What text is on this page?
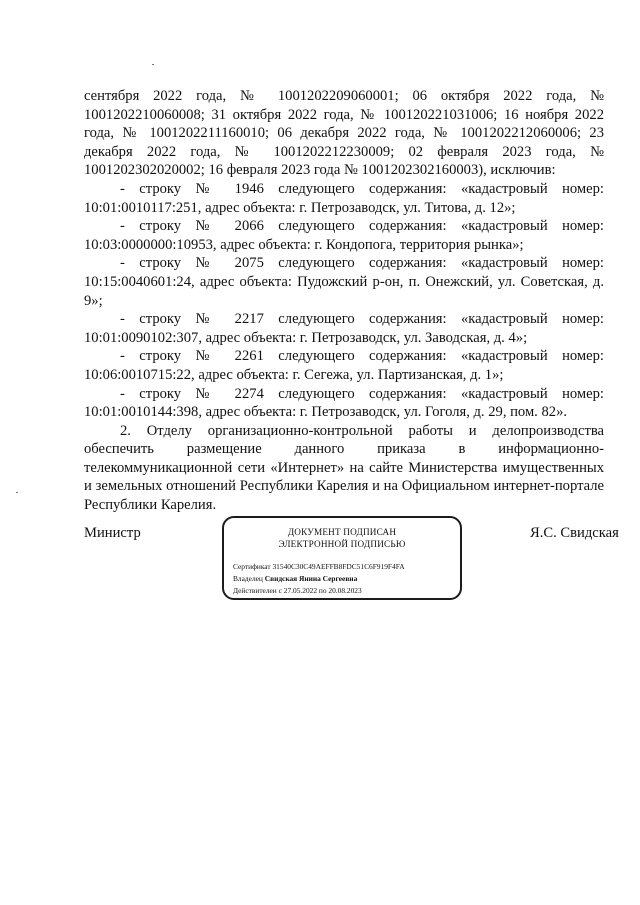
сентября 2022 года, № 1001202209060001; 06 октября 2022 года, № 1001202210060008; 31 октября 2022 года, № 100120221031006; 16 ноября 2022 года, № 1001202211160010; 06 декабря 2022 года, № 1001202212060006; 23 декабря 2022 года, № 1001202212230009; 02 февраля 2023 года, № 1001202302020002; 16 февраля 2023 года № 1001202302160003), исключив:

- строку № 1946 следующего содержания: «кадастровый номер: 10:01:0010117:251, адрес объекта: г. Петрозаводск, ул. Титова, д. 12»;

- строку № 2066 следующего содержания: «кадастровый номер: 10:03:0000000:10953, адрес объекта: г. Кондопога, территория рынка»;

- строку № 2075 следующего содержания: «кадастровый номер: 10:15:0040601:24, адрес объекта: Пудожский р-он, п. Онежский, ул. Советская, д. 9»;

- строку № 2217 следующего содержания: «кадастровый номер: 10:01:0090102:307, адрес объекта: г. Петрозаводск, ул. Заводская, д. 4»;

- строку № 2261 следующего содержания: «кадастровый номер: 10:06:0010715:22, адрес объекта: г. Сегежа, ул. Партизанская, д. 1»;

- строку № 2274 следующего содержания: «кадастровый номер: 10:01:0010144:398, адрес объекта: г. Петрозаводск, ул. Гоголя, д. 29, пом. 82».

2. Отделу организационно-контрольной работы и делопроизводства обеспечить размещение данного приказа в информационно-телекоммуникационной сети «Интернет» на сайте Министерства имущественных и земельных отношений Республики Карелия и на Официальном интернет-портале Республики Карелия.

Министр	ДОКУМЕНТ ПОДПИСАН
ЭЛЕКТРОННОЙ ПОДПИСЬЮ
Сертификат 31540C30C49AEFFB8FDC51C6F919F4FA
Владелец Свидская Янина Сергеевна
Действителен с 27.05.2022 по 20.08.2023
Я.С. Свидская
